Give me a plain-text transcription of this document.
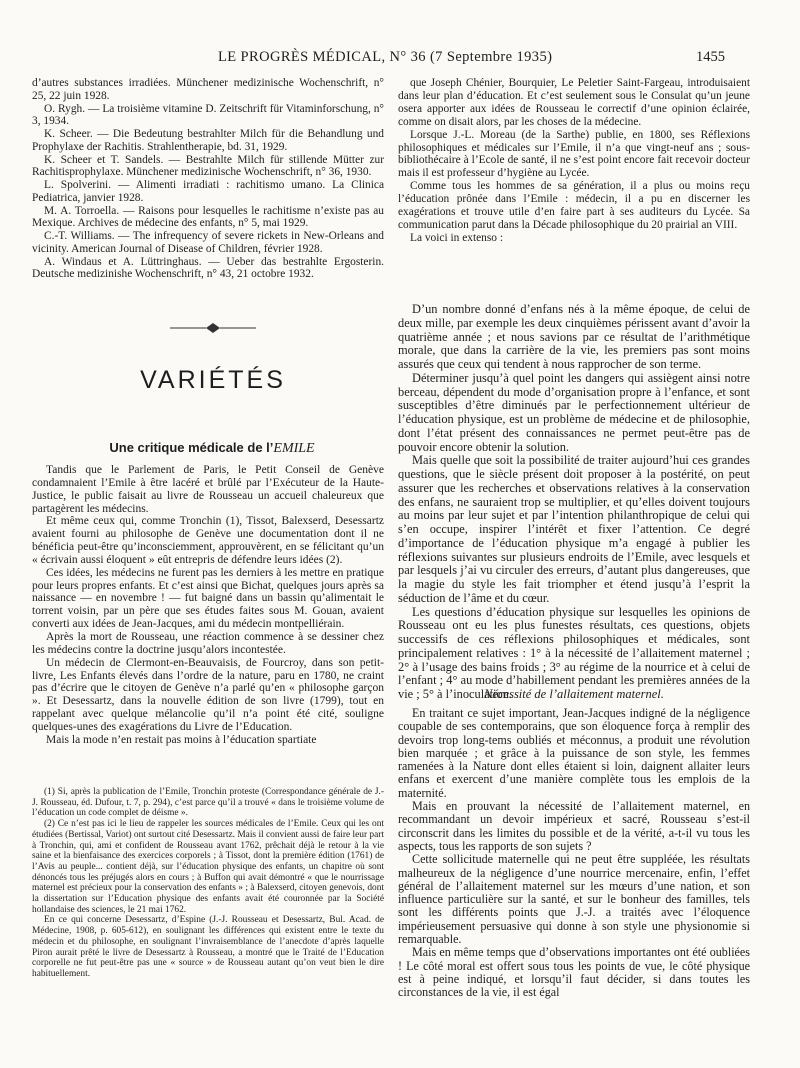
LE PROGRÈS MÉDICAL, N° 36 (7 Septembre 1935)	1455

d’autres substances irradiées. Münchener medizinische Wochenschrift, n° 25, 22 juin 1928.

O. Rygh. — La troisième vitamine D. Zeitschrift für Vitaminforschung, n° 3, 1934.

K. Scheer. — Die Bedeutung bestrahlter Milch für die Behandlung und Prophylaxe der Rachitis. Strahlentherapie, bd. 31, 1929.

K. Scheer et T. Sandels. — Bestrahlte Milch für stillende Mütter zur Rachitisprophylaxe. Münchener medizinische Wochenschrift, n° 36, 1930.

L. Spolverini. — Alimenti irradiati : rachitismo umano. La Clinica Pediatrica, janvier 1928.

M. A. Torroella. — Raisons pour lesquelles le rachitisme n’existe pas au Mexique. Archives de médecine des enfants, n° 5, mai 1929.

C.-T. Williams. — The infrequency of severe rickets in New-Orleans and vicinity. American Journal of Disease of Children, février 1928.

A. Windaus et A. Lüttringhaus. — Ueber das bestrahlte Ergosterin. Deutsche medizinishe Wochenschrift, n° 43, 21 octobre 1932.

VARIÉTÉS
Une critique médicale de l’EMILE

Tandis que le Parlement de Paris, le Petit Conseil de Genève condamnaient l’Emile à être lacéré et brûlé par l’Exécuteur de la Haute-Justice, le public faisait au livre de Rousseau un accueil chaleureux que partagèrent les médecins.

Et même ceux qui, comme Tronchin (1), Tissot, Balexserd, Desessartz avaient fourni au philosophe de Genève une documentation dont il ne bénéficia peut-être qu’inconsciemment, approuvèrent, en se félicitant qu’un « écrivain aussi éloquent » eût entrepris de défendre leurs idées (2).

Ces idées, les médecins ne furent pas les derniers à les mettre en pratique pour leurs propres enfants. Et c’est ainsi que Bichat, quelques jours après sa naissance — en novembre ! — fut baigné dans un bassin qu’alimentait le torrent voisin, par un père que ses études faites sous M. Gouan, avaient converti aux idées de Jean-Jacques, ami du médecin montpelliérain.

Après la mort de Rousseau, une réaction commence à se dessiner chez les médecins contre la doctrine jusqu’alors incontestée.

Un médecin de Clermont-en-Beauvaisis, de Fourcroy, dans son petit-livre, Les Enfants élevés dans l’ordre de la nature, paru en 1780, ne craint pas d’écrire que le citoyen de Genève n’a parlé qu’en « philosophe garçon ». Et Desessartz, dans la nouvelle édition de son livre (1799), tout en rappelant avec quelque mélancolie qu’il n’a point été cité, souligne quelques-unes des exagérations du Livre de l’Education.

Mais la mode n’en restait pas moins à l’éducation spartiate

(1) Si, après la publication de l’Emile, Tronchin proteste (Correspondance générale de J.-J. Rousseau, éd. Dufour, t. 7, p. 294), c’est parce qu’il a trouvé « dans le troisième volume de l’éducation un code complet de déisme ».

(2) Ce n’est pas ici le lieu de rappeler les sources médicales de l’Emile. Ceux qui les ont étudiées (Bertissal, Variot) ont surtout cité Desessartz. Mais il convient aussi de faire leur part à Tronchin, qui, ami et confident de Rousseau avant 1762, prêchait déjà le retour à la vie saine et la bienfaisance des exercices corporels ; à Tissot, dont la première édition (1761) de l’Avis au peuple... contient déjà, sur l’éducation physique des enfants, un chapitre où sont dénoncés tous les préjugés alors en cours ; à Buffon qui avait démontré « que le nourrissage maternel est précieux pour la conservation des enfants » ; à Balexserd, citoyen genevois, dont la dissertation sur l’Education physique des enfants avait été couronnée par la Société hollandaise des sciences, le 21 mai 1762.

En ce qui concerne Desessartz, d’Espine (J.-J. Rousseau et Desessartz, Bul. Acad. de Médecine, 1908, p. 605-612), en soulignant les différences qui existent entre le texte du médecin et du philosophe, en soulignant l’invraisemblance de l’anecdote d’après laquelle Piron aurait prêté le livre de Desessartz à Rousseau, a montré que le Traité de l’Education corporelle ne fut peut-être pas une « source » de Rousseau autant qu’on veut bien le dire habituellement.

que Joseph Chénier, Bourquier, Le Peletier Saint-Fargeau, introduisaient dans leur plan d’éducation. Et c’est seulement sous le Consulat qu’un jeune osera apporter aux idées de Rousseau le correctif d’une opinion éclairée, comme on disait alors, par les choses de la médecine.

Lorsque J.-L. Moreau (de la Sarthe) publie, en 1800, ses Réflexions philosophiques et médicales sur l’Emile, il n’a que vingt-neuf ans ; sous-bibliothécaire à l’Ecole de santé, il ne s’est point encore fait recevoir docteur mais il est professeur d’hygiène au Lycée.

Comme tous les hommes de sa génération, il a plus ou moins reçu l’éducation prônée dans l’Emile : médecin, il a pu en discerner les exagérations et trouve utile d’en faire part à ses auditeurs du Lycée. Sa communication parut dans la Décade philosophique du 20 prairial an VIII.

La voici in extenso :

D’un nombre donné d’enfans nés à la même époque, de celui de deux mille, par exemple les deux cinquièmes périssent avant d’avoir la quatrième année ; et nous savions par ce résultat de l’arithmétique morale, que dans la carrière de la vie, les premiers pas sont moins assurés que ceux qui tendent à nous rapprocher de son terme.

Déterminer jusqu’à quel point les dangers qui assiègent ainsi notre berceau, dépendent du mode d’organisation propre à l’enfance, et sont susceptibles d’être diminués par le perfectionnement ultérieur de l’éducation physique, est un problème de médecine et de philosophie, dont l’état présent des connaissances ne permet peut-être pas de pouvoir encore obtenir la solution.

Mais quelle que soit la possibilité de traiter aujourd’hui ces grandes questions, que le siècle présent doit proposer à la postérité, on peut assurer que les recherches et observations relatives à la conservation des enfans, ne sauraient trop se multiplier, et qu’elles doivent toujours au moins par leur sujet et par l’intention philanthropique de celui qui s’en occupe, inspirer l’intérêt et fixer l’attention. Ce degré d’importance de l’éducation physique m’a engagé à publier les réflexions suivantes sur plusieurs endroits de l’Emile, avec lesquels et par lesquels j’ai vu circuler des erreurs, d’autant plus dangereuses, que la magie du style les fait triompher et étend jusqu’à l’esprit la séduction de l’âme et du cœur.

Les questions d’éducation physique sur lesquelles les opinions de Rousseau ont eu les plus funestes résultats, ces questions, objets successifs de ces réflexions philosophiques et médicales, sont principalement relatives : 1° à la nécessité de l’allaitement maternel ; 2° à l’usage des bains froids ; 3° au régime de la nourrice et à celui de l’enfant ; 4° au mode d’habillement pendant les premières années de la vie ; 5° à l’inoculation.

Nécessité de l’allaitement maternel.

En traitant ce sujet important, Jean-Jacques indigné de la négligence coupable de ses contemporains, que son éloquence força à remplir des devoirs trop long-tems oubliés et méconnus, a produit une révolution bien marquée ; et grâce à la puissance de son style, les femmes ramenées à la Nature dont elles étaient si loin, daignent allaiter leurs enfans et exercent d’une manière complète tous les emplois de la maternité.

Mais en prouvant la nécessité de l’allaitement maternel, en recommandant un devoir impérieux et sacré, Rousseau s’est-il circonscrit dans les limites du possible et de la vérité, a-t-il vu tous les aspects, tous les rapports de son sujets ?

Cette sollicitude maternelle qui ne peut être suppléée, les résultats malheureux de la négligence d’une nourrice mercenaire, enfin, l’effet général de l’allaitement maternel sur les mœurs d’une nation, et son influence particulière sur la santé, et sur le bonheur des familles, tels sont les différents points que J.-J. a traités avec l’éloquence impérieusement persuasive qui donne à son style une physionomie si remarquable.

Mais en même temps que d’observations importantes ont été oubliées ! Le côté moral est offert sous tous les points de vue, le côté physique est à peine indiqué, et lorsqu’il faut décider, si dans toutes les circonstances de la vie, il est égal
